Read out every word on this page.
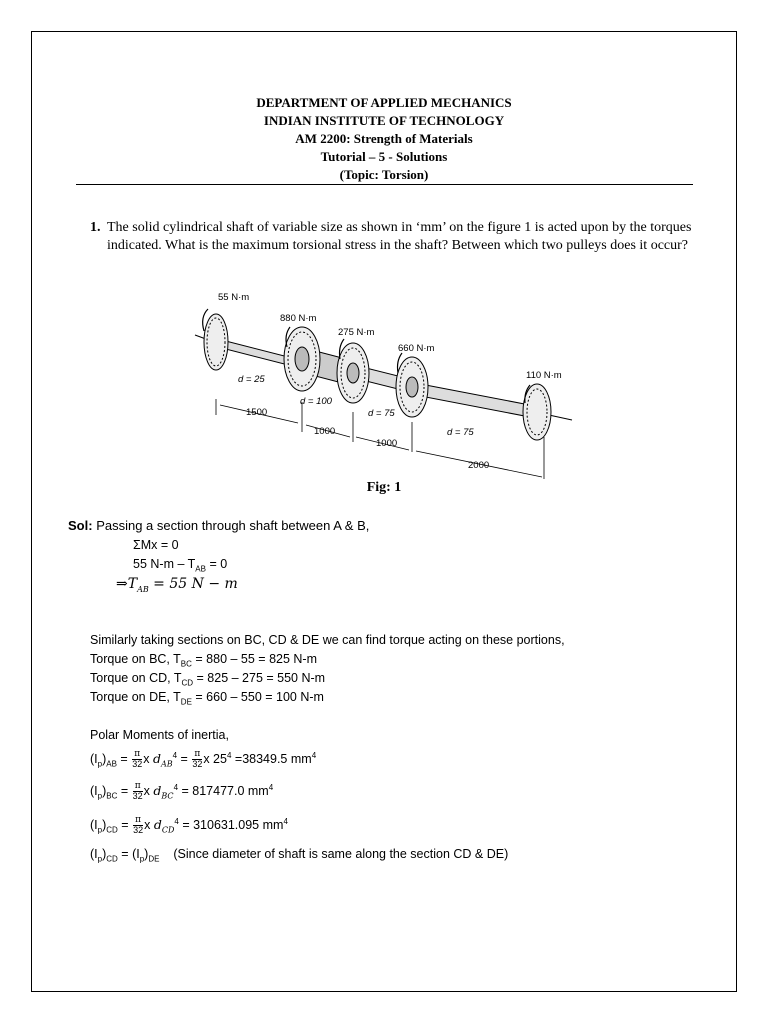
DEPARTMENT OF APPLIED MECHANICS
INDIAN INSTITUTE OF TECHNOLOGY
AM 2200: Strength of Materials
Tutorial – 5 - Solutions
(Topic: Torsion)
1. The solid cylindrical shaft of variable size as shown in ‘mm’ on the figure 1 is acted upon by the torques indicated. What is the maximum torsional stress in the shaft? Between which two pulleys does it occur?
55 N·m
880 N·m
275 N·m
660 N·m
110 N·m
d = 25
d = 100
d = 75
d = 75
1500
1000
1000
2000
Fig: 1
Sol: Passing a section through shaft between A & B,
ΣMx = 0
55 $N-m - T_{AB} = 0$
$\Rightarrow T_{AB} = 55$ N − m
Similarly taking sections on BC, CD & DE we can find torque acting on these portions,
Torque on BC, $T_{BC} = 880 - 55 = 825$ N-m
Torque on CD, $T_{CD} = 825 - 275 = 550$ N-m
Torque on DE, $T_{DE} = 660 - 550 = 100$ N-m
Polar Moments of inertia,
$(I_p)_{AB} = \frac{\pi}{32}$ x $d_{AB}^4 = \frac{\pi}{32}$ x $25^4 =38349.5$ $mm^4$
$(I_p)_{BC} = \frac{\pi}{32}$ x $d_{BC}^4 = 817477.0$ $mm^4$
$(I_p)_{CD} = \frac{\pi}{32}$ x $d_{CD}^4 = 310631.095$ $mm^4$
$(I_p)_{CD} = (I_p)_{DE}$ (Since diameter of shaft is same along the section CD & DE)
